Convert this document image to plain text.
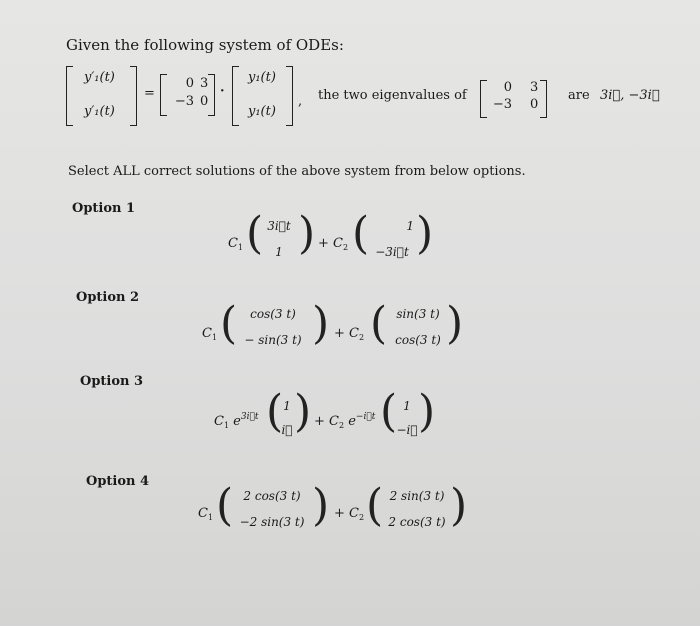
Given the following system of ODEs:
y′₁(t)
y′₁(t)
=
0 3
−3 0
·
y₁(t)
y₁(t)
, the two eigenvalues of
0 3
−3 0
are 3i⃗, −3i⃗
Select ALL correct solutions of the above system from below options.
Option 1
$C_1$ ( 3i⃗t
1 ) + $C_2$ (	1
−3i⃗t )
Option 2
$C_1$ (	cos(3 t)
− sin(3 t) ) + $C_2$ ( sin(3 t)
cos(3 t) )
Option 3
$C_1$ $e^{3i⃗t}$ ( 1
i⃗ ) + $C_2$ $e^{-i⃗t}$ ( 1
−i⃗ )
Option 4
$C_1$ ( 2 cos(3 t)
−2 sin(3 t) ) + $C_2$ ( 2 sin(3 t)
2 cos(3 t) )
